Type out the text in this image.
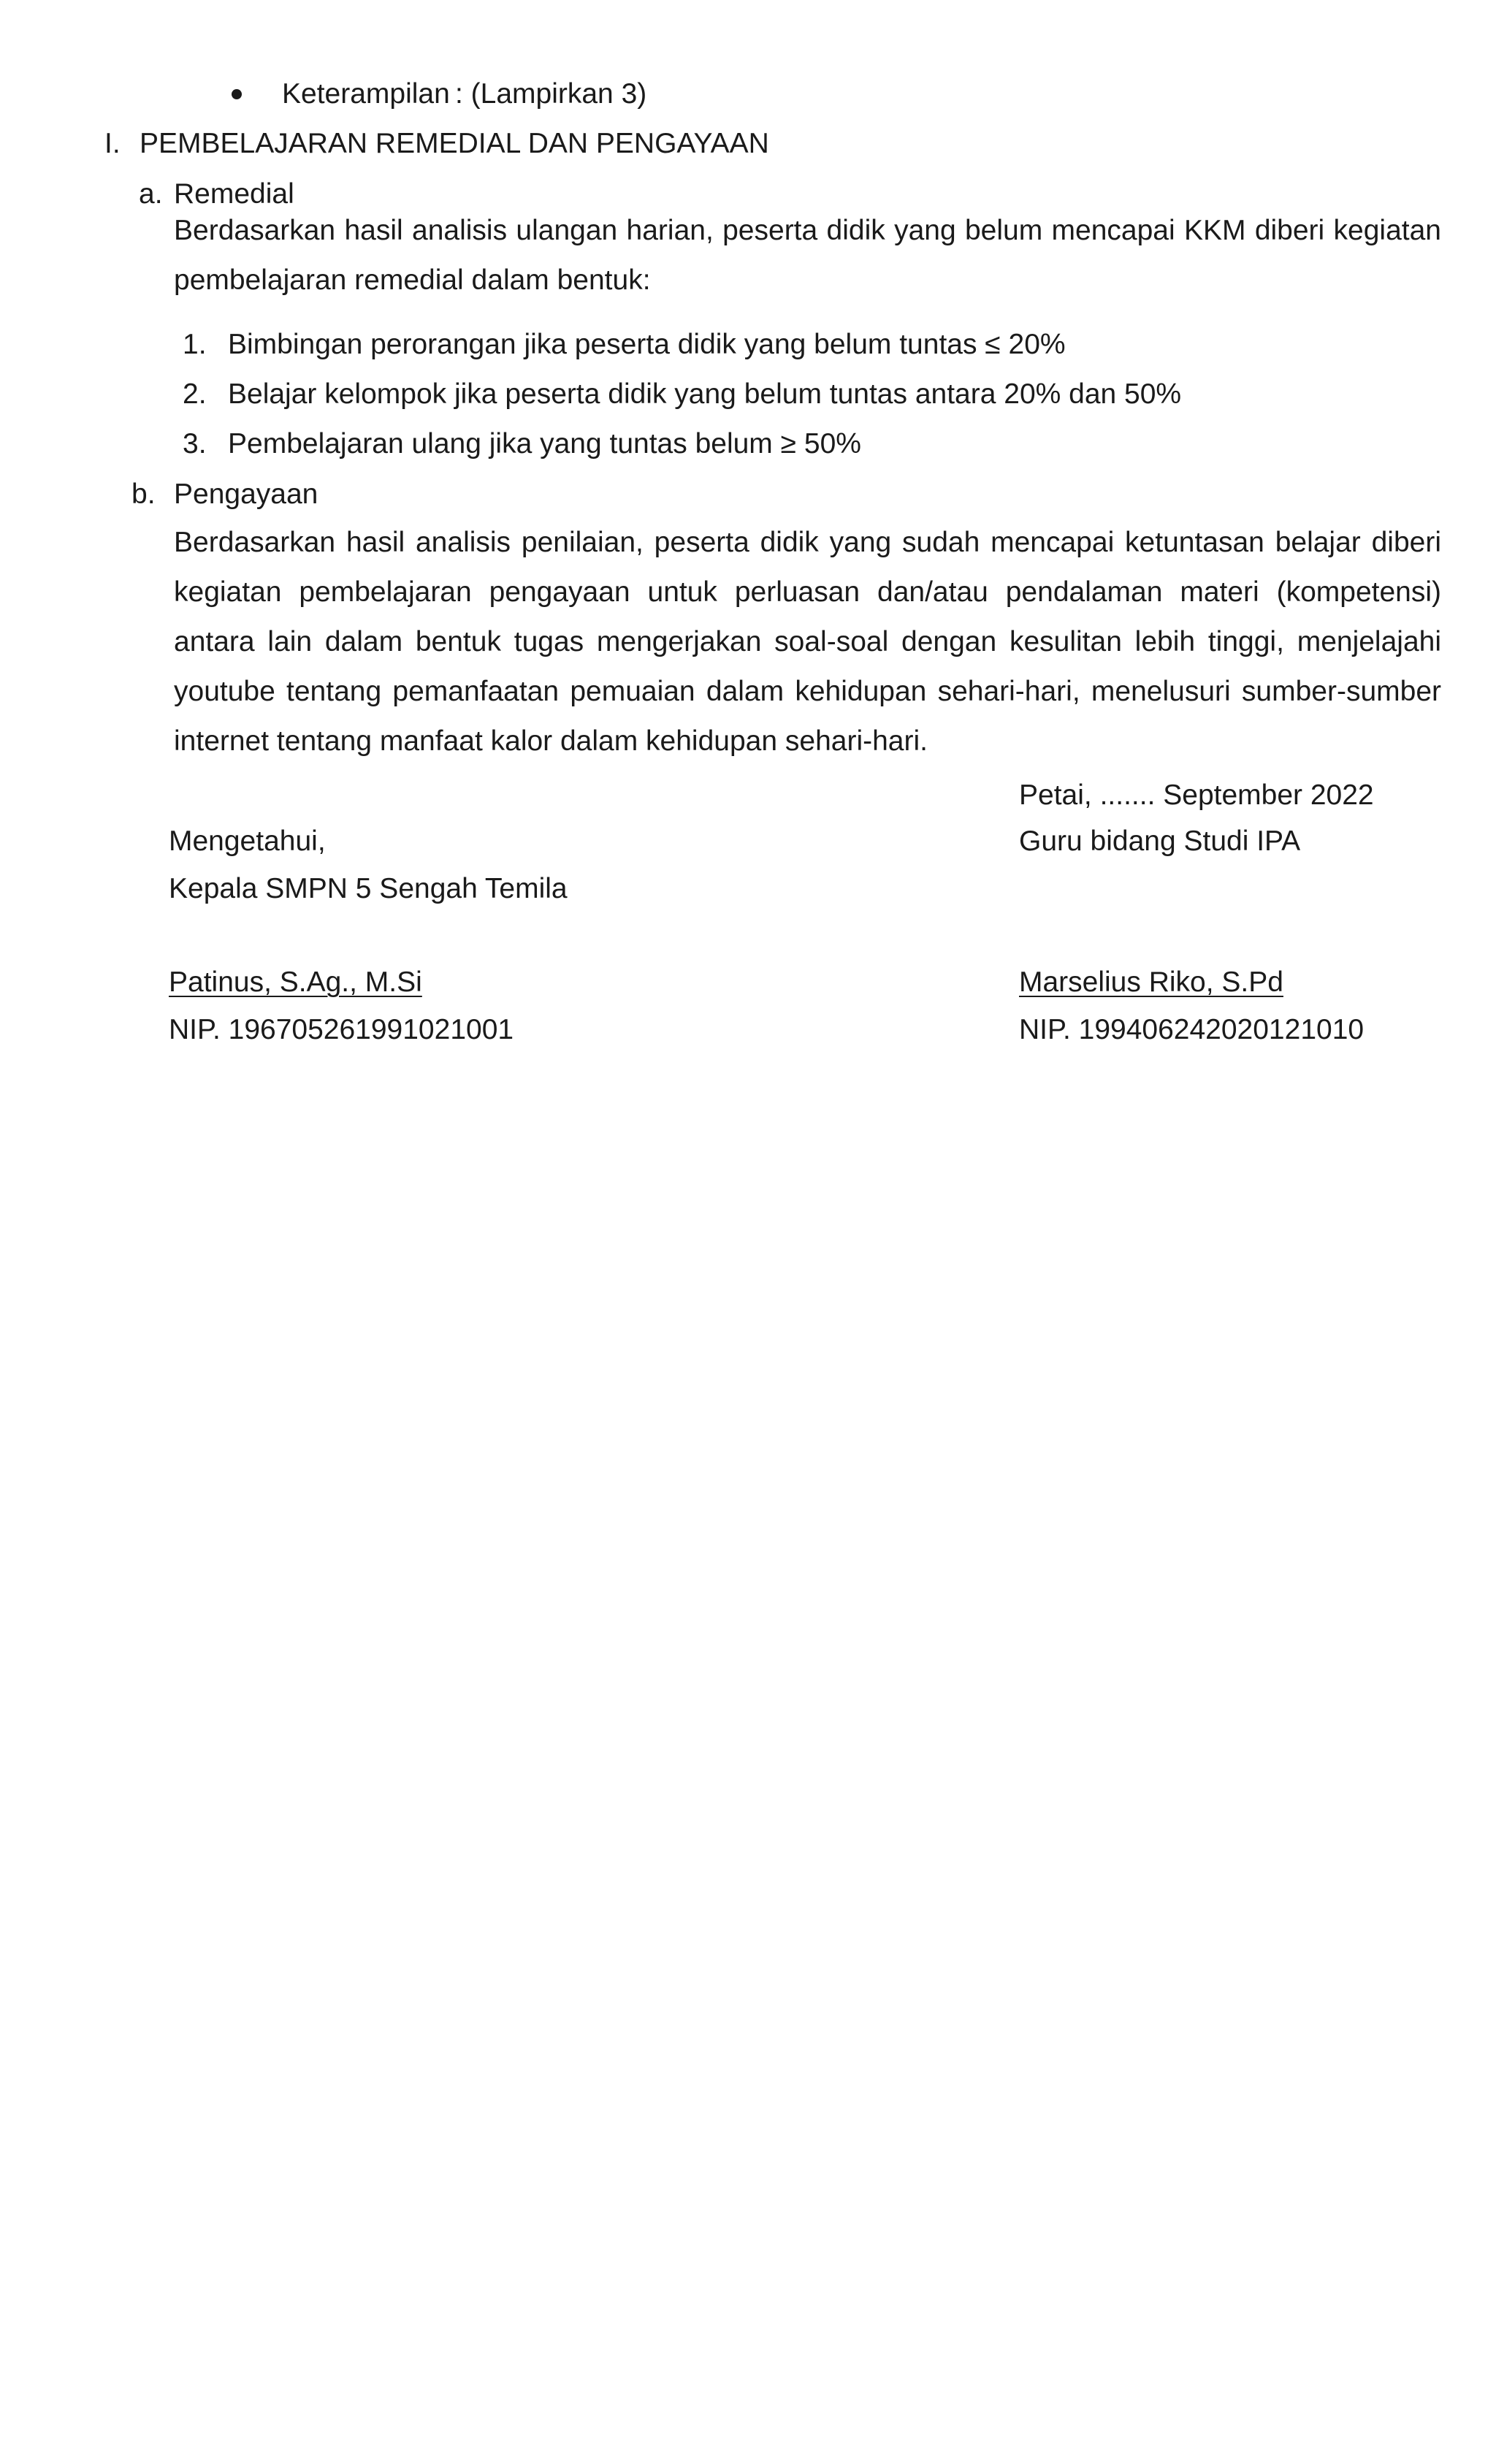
Keterampilan : (Lampirkan 3)
I. PEMBELAJARAN REMEDIAL DAN PENGAYAAN
a. Remedial

Berdasarkan hasil analisis ulangan harian, peserta didik yang belum mencapai KKM diberi kegiatan pembelajaran remedial dalam bentuk:

1. Bimbingan perorangan jika peserta didik yang belum tuntas ≤ 20%
2. Belajar kelompok jika peserta didik yang belum tuntas antara 20% dan 50%
3. Pembelajaran ulang jika yang tuntas belum ≥ 50%
b. Pengayaan

Berdasarkan hasil analisis penilaian, peserta didik yang sudah mencapai ketuntasan belajar diberi kegiatan pembelajaran pengayaan untuk perluasan dan/atau pendalaman materi (kompetensi) antara lain dalam bentuk tugas mengerjakan soal-soal dengan kesulitan lebih tinggi, menjelajahi youtube tentang pemanfaatan pemuaian dalam kehidupan sehari-hari, menelusuri sumber-sumber internet tentang manfaat kalor dalam kehidupan sehari-hari.

Petai, ....... September 2022
Mengetahui,	Guru bidang Studi IPA
Kepala SMPN 5 Sengah Temila
Patinus, S.Ag., M.Si	Marselius Riko, S.Pd
NIP. 196705261991021001	NIP. 199406242020121010
